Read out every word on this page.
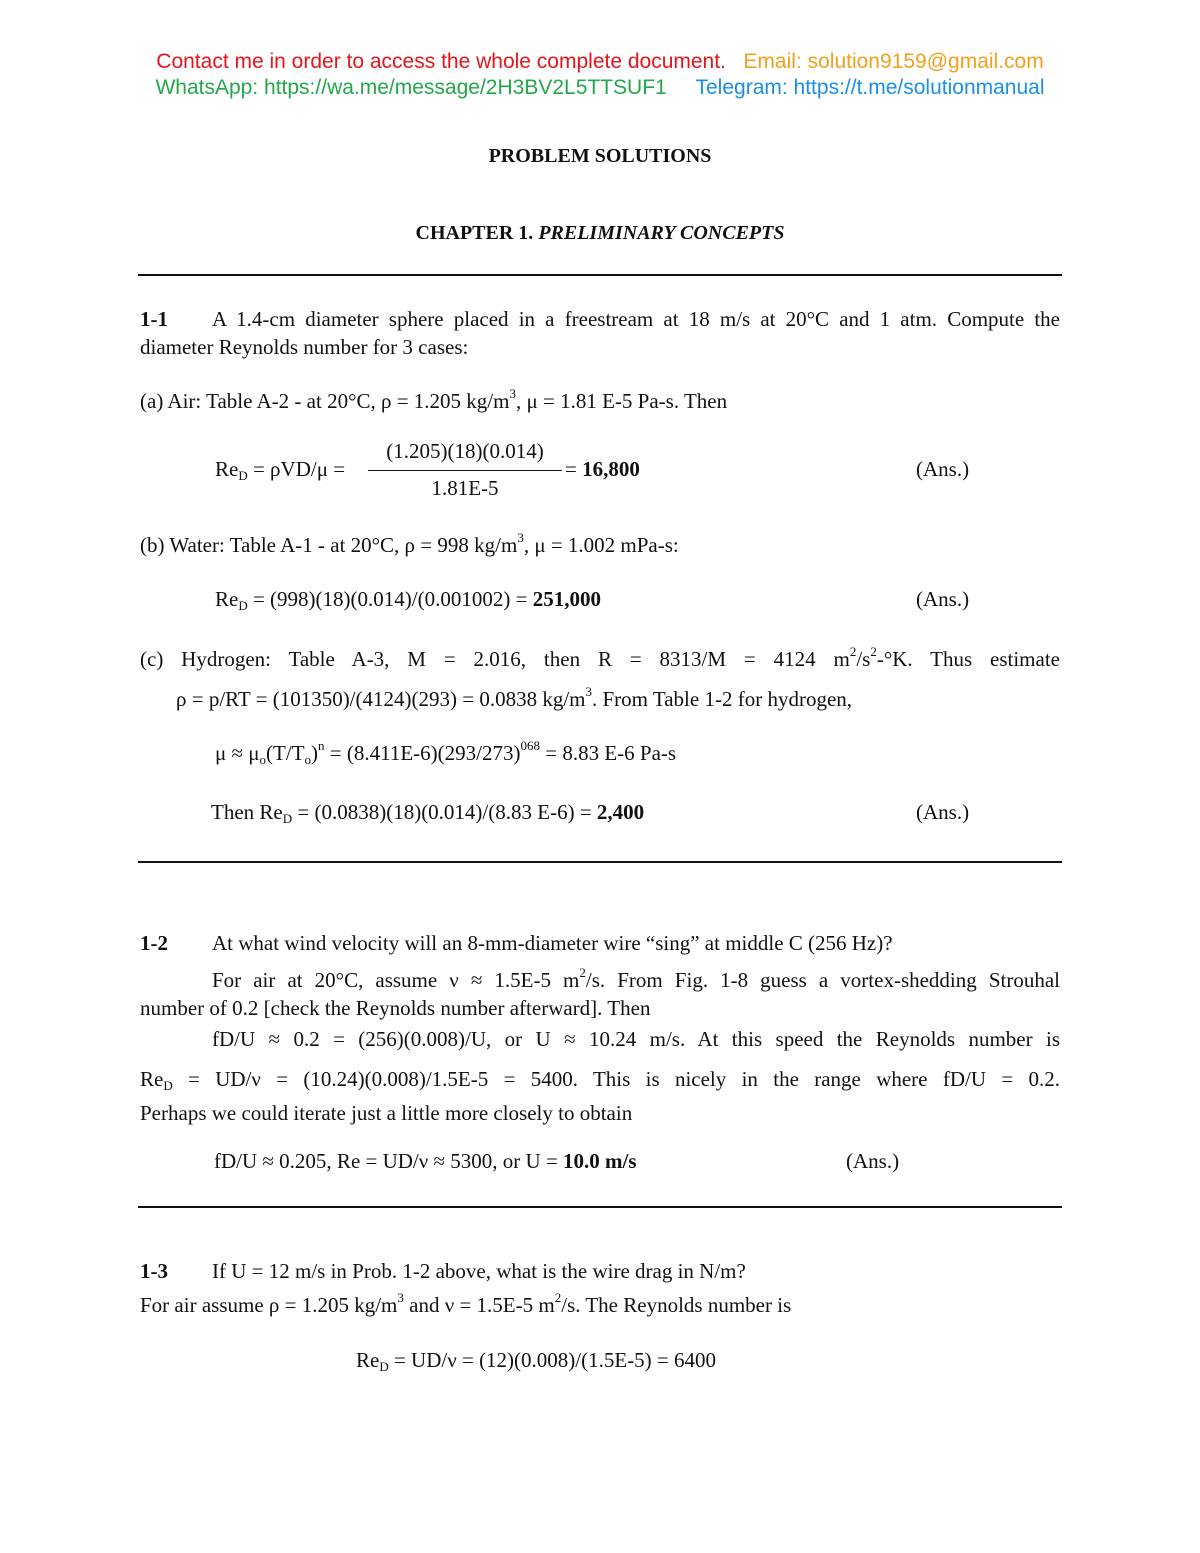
Contact me in order to access the whole complete document. Email: solution9159@gmail.com
WhatsApp: https://wa.me/message/2H3BV2L5TTSUF1 Telegram: https://t.me/solutionmanual
PROBLEM SOLUTIONS
CHAPTER 1. PRELIMINARY CONCEPTS
1-1 A 1.4-cm diameter sphere placed in a freestream at 18 m/s at 20°C and 1 atm. Compute the
diameter Reynolds number for 3 cases:
(a) Air: Table A-2 - at 20°C, ρ = 1.205 $kg/m^3$, μ = 1.81 E-5 Pa-s. Then
$Re_D = \rho VD/\mu$ =
(1.205)(18)(0.014)
1.81E-5
= 16,800	(Ans.)
(b) Water: Table A-1 - at 20°C, ρ = 998 $kg/m^3$, μ = 1.002 mPa-s:
$Re_D = (998)(18)(0.014)/(0.001002) = 251,000$	(Ans.)
(c) Hydrogen: Table A-3, M = 2.016, then R = 8313/M = 4124 $m^2/s^2-^\circ K$. Thus estimate
ρ = p/RT = (101350)/(4124)(293) = 0.0838 $kg/m^3$. From Table 1-2 for hydrogen,
$\mu \approx \mu_o(T/T_o)^n = (8.411E-6)(293/273)^{068} = 8.83$ E-6 Pa-s
Then $Re_D = (0.0838)(18)(0.014)/(8.83$ E-6) = 2,400	(Ans.)
1-2 At what wind velocity will an 8-mm-diameter wire “sing” at middle C (256 Hz)?
For air at 20°C, assume ν ≈ 1.5E-5 $m^2/s$. From Fig. 1-8 guess a vortex-shedding Strouhal
number of 0.2 [check the Reynolds number afterward]. Then
fD/U ≈ 0.2 = (256)(0.008)/U, or U ≈ 10.24 m/s. At this speed the Reynolds number is
$Re_D = UD/\nu = (10.24)(0.008)/1.5E-5 = 5400$. This is nicely in the range where fD/U = 0.2.
Perhaps we could iterate just a little more closely to obtain
fD/U ≈ 0.205, Re = UD/ν ≈ 5300, or U = 10.0 m/s	(Ans.)
1-3 If U = 12 m/s in Prob. 1-2 above, what is the wire drag in N/m?
For air assume ρ = 1.205 $kg/m^3$ and ν = 1.5E-5 $m^2/s$. The Reynolds number is
$Re_D = UD/\nu = (12)(0.008)/(1.5E-5) = 6400$
